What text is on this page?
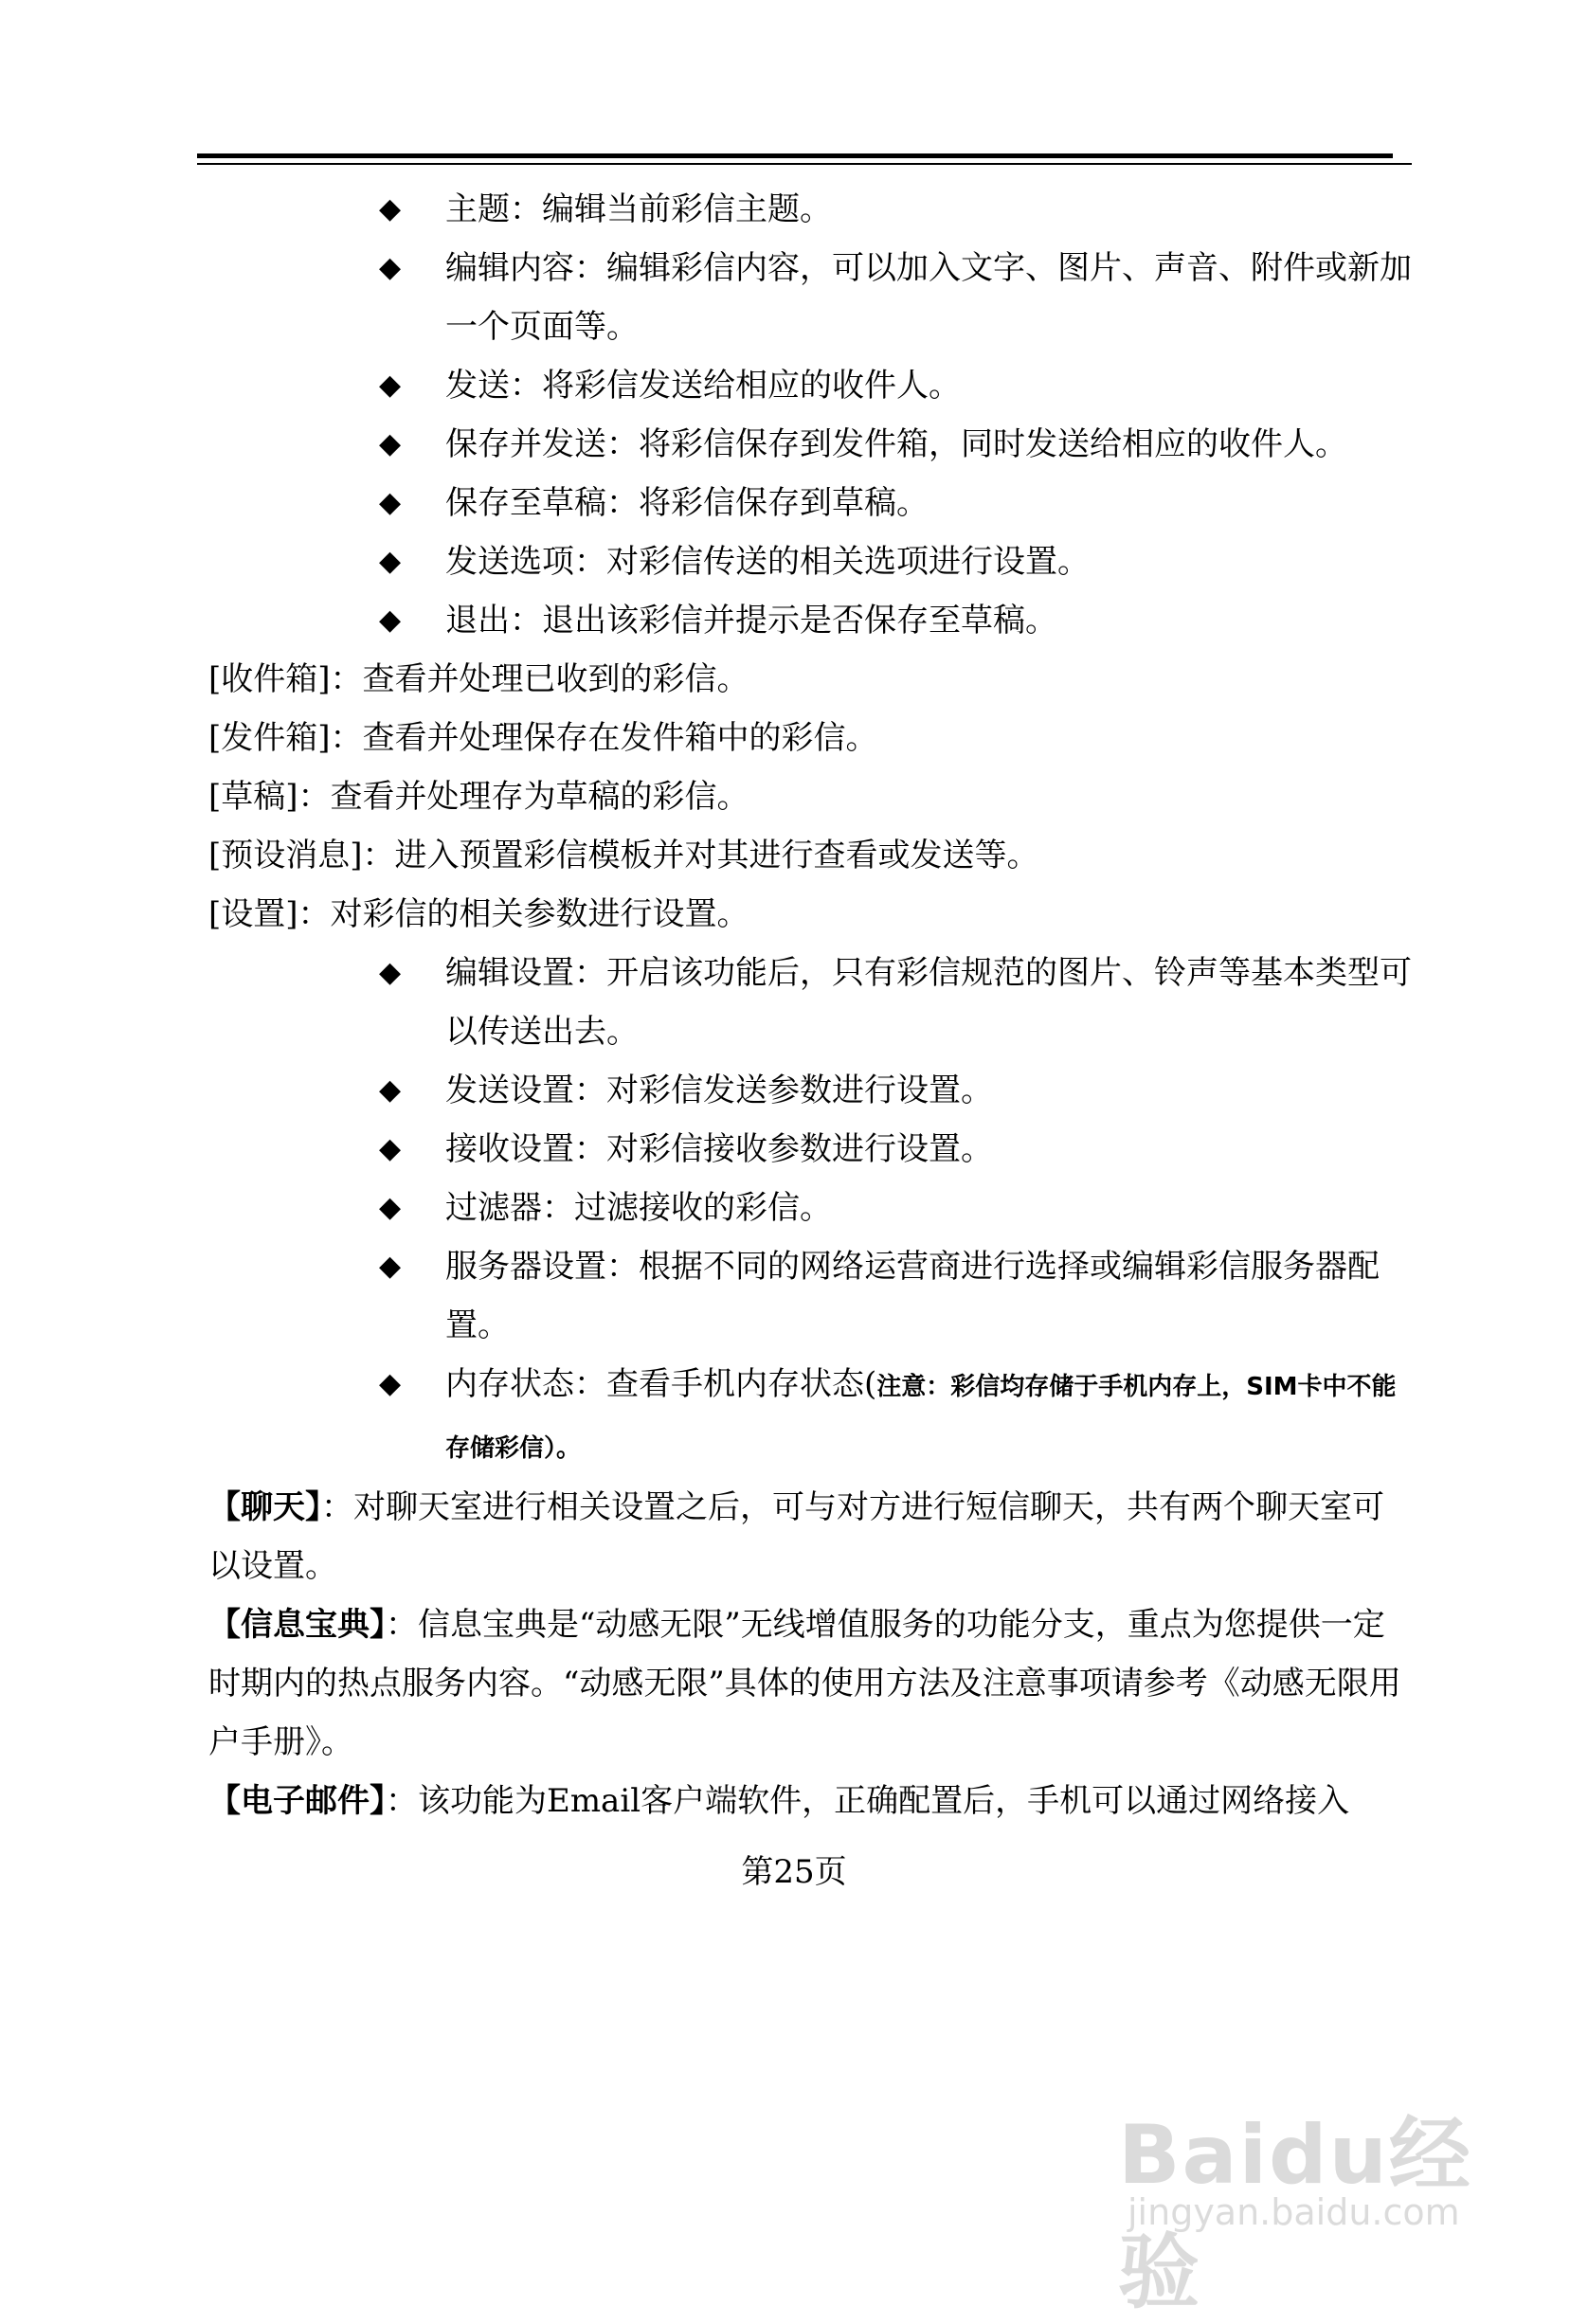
◆ 主题：编辑当前彩信主题。
◆ 编辑内容：编辑彩信内容，可以加入文字、图片、声音、附件或新加一个页面等。
◆ 发送：将彩信发送给相应的收件人。
◆ 保存并发送：将彩信保存到发件箱，同时发送给相应的收件人。
◆ 保存至草稿：将彩信保存到草稿。
◆ 发送选项：对彩信传送的相关选项进行设置。
◆ 退出：退出该彩信并提示是否保存至草稿。

[收件箱]：查看并处理已收到的彩信。

[发件箱]：查看并处理保存在发件箱中的彩信。

[草稿]：查看并处理存为草稿的彩信。

[预设消息]：进入预置彩信模板并对其进行查看或发送等。

[设置]：对彩信的相关参数进行设置。

◆ 编辑设置：开启该功能后，只有彩信规范的图片、铃声等基本类型可以传送出去。
◆ 发送设置：对彩信发送参数进行设置。
◆ 接收设置：对彩信接收参数进行设置。
◆ 过滤器：过滤接收的彩信。
◆ 服务器设置：根据不同的网络运营商进行选择或编辑彩信服务器配置。
◆ 内存状态：查看手机内存状态(注意：彩信均存储于手机内存上，SIM卡中不能存储彩信）。

【聊天】：对聊天室进行相关设置之后，可与对方进行短信聊天，共有两个聊天室可以设置。

【信息宝典】：信息宝典是“动感无限”无线增值服务的功能分支，重点为您提供一定时期内的热点服务内容。“动感无限”具体的使用方法及注意事项请参考《动感无限用户手册》。

【电子邮件】：该功能为Email客户端软件，正确配置后，手机可以通过网络接入

第25页
Baidu经验
jingyan.baidu.com
